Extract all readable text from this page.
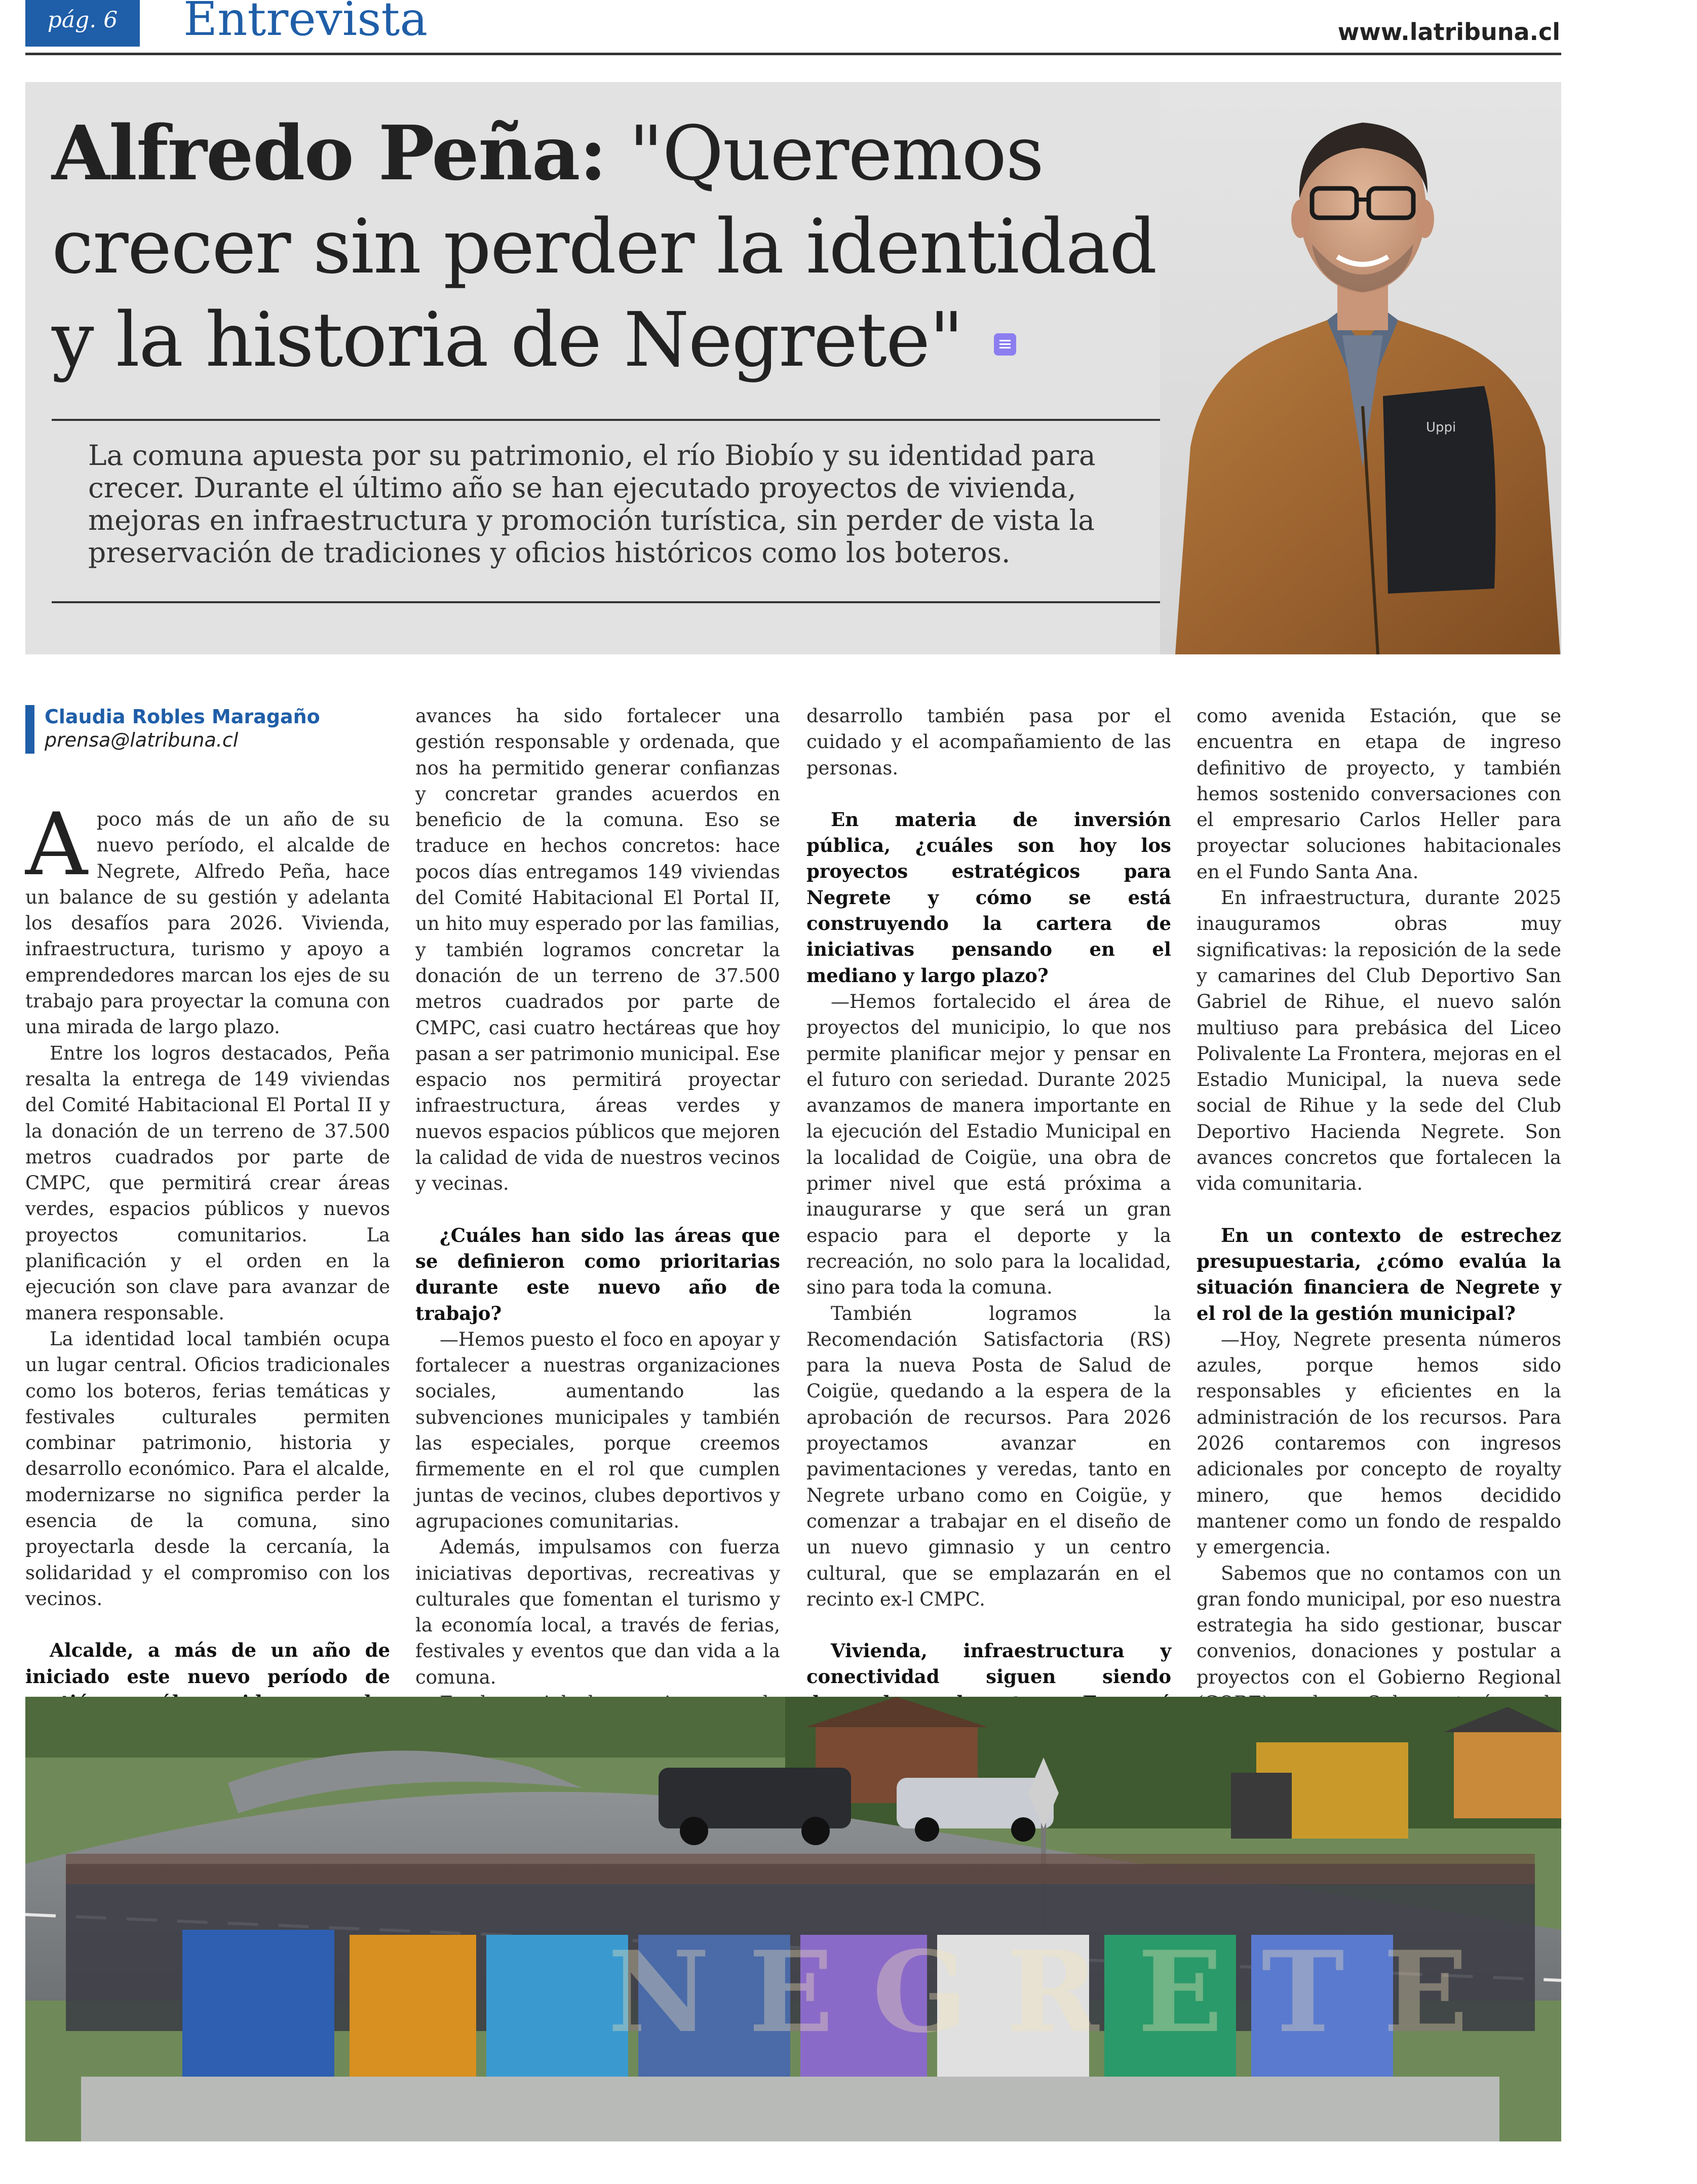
pág. 6	Entrevista	www.latribuna.cl
Alfredo Peña: "Queremos crecer sin perder la identidad y la historia de Negrete"

La comuna apuesta por su patrimonio, el río Biobío y su identidad para crecer. Durante el último año se han ejecutado proyectos de vivienda, mejoras en infraestructura y promoción turística, sin perder de vista la preservación de tradiciones y oficios históricos como los boteros.

Uppi
Claudia Robles Maragaño
prensa@latribuna.cl
A poco más de un año de su nuevo período, el alcalde de Negrete, Alfredo Peña, hace un balance de su gestión y adelanta los desafíos para 2026. Vivienda, infraestructura, turismo y apoyo a emprendedores marcan los ejes de su trabajo para proyectar la comuna con una mirada de largo plazo.

Entre los logros destacados, Peña resalta la entrega de 149 viviendas del Comité Habitacional El Portal II y la donación de un terreno de 37.500 metros cuadrados por parte de CMPC, que permitirá crear áreas verdes, espacios públicos y nuevos proyectos comunitarios. La planificación y el orden en la ejecución son clave para avanzar de manera responsable.

La identidad local también ocupa un lugar central. Oficios tradicionales como los boteros, ferias temáticas y festivales culturales permiten combinar patrimonio, historia y desarrollo económico. Para el alcalde, modernizarse no significa perder la esencia de la comuna, sino proyectarla desde la cercanía, la solidaridad y el compromiso con los vecinos.

Alcalde, a más de un año de iniciado este nuevo período de

avances ha sido fortalecer una gestión responsable y ordenada, que nos ha permitido generar confianzas y concretar grandes acuerdos en beneficio de la comuna. Eso se traduce en hechos concretos: hace pocos días entregamos 149 viviendas del Comité Habitacional El Portal II, un hito muy esperado por las familias, y también logramos concretar la donación de un terreno de 37.500 metros cuadrados por parte de CMPC, casi cuatro hectáreas que hoy pasan a ser patrimonio municipal. Ese espacio nos permitirá proyectar infraestructura, áreas verdes y nuevos espacios públicos que mejoren la calidad de vida de nuestros vecinos y vecinas.

¿Cuáles han sido las áreas que se definieron como prioritarias durante este nuevo año de trabajo?

—Hemos puesto el foco en apoyar y fortalecer a nuestras organizaciones sociales, aumentando las subvenciones municipales y también las especiales, porque creemos firmemente en el rol que cumplen juntas de vecinos, clubes deportivos y agrupaciones comunitarias.

Además, impulsamos con fuerza iniciativas deportivas, recreativas y culturales que fomentan el turismo y la economía local, a través de ferias, festivales y eventos que dan vida a la comuna.

desarrollo también pasa por el cuidado y el acompañamiento de las personas.

En materia de inversión pública, ¿cuáles son hoy los proyectos estratégicos para Negrete y cómo se está construyendo la cartera de iniciativas pensando en el mediano y largo plazo?

—Hemos fortalecido el área de proyectos del municipio, lo que nos permite planificar mejor y pensar en el futuro con seriedad. Durante 2025 avanzamos de manera importante en la ejecución del Estadio Municipal en la localidad de Coigüe, una obra de primer nivel que está próxima a inaugurarse y que será un gran espacio para el deporte y la recreación, no solo para la localidad, sino para toda la comuna.

También logramos la Recomendación Satisfactoria (RS) para la nueva Posta de Salud de Coigüe, quedando a la espera de la aprobación de recursos. Para 2026 proyectamos avanzar en pavimentaciones y veredas, tanto en Negrete urbano como en Coigüe, y comenzar a trabajar en el diseño de un nuevo gimnasio y un centro cultural, que se emplazarán en el recinto ex-l CMPC.

Vivienda, infraestructura y conectividad siguen siendo

como avenida Estación, que se encuentra en etapa de ingreso definitivo de proyecto, y también hemos sostenido conversaciones con el empresario Carlos Heller para proyectar soluciones habitacionales en el Fundo Santa Ana.

En infraestructura, durante 2025 inauguramos obras muy significativas: la reposición de la sede y camarines del Club Deportivo San Gabriel de Rihue, el nuevo salón multiuso para prebásica del Liceo Polivalente La Frontera, mejoras en el Estadio Municipal, la nueva sede social de Rihue y la sede del Club Deportivo Hacienda Negrete. Son avances concretos que fortalecen la vida comunitaria.

En un contexto de estrechez presupuestaria, ¿cómo evalúa la situación financiera de Negrete y el rol de la gestión municipal?

—Hoy, Negrete presenta números azules, porque hemos sido responsables y eficientes en la administración de los recursos. Para 2026 contaremos con ingresos adicionales por concepto de royalty minero, que hemos decidido mantener como un fondo de respaldo y emergencia.

Sabemos que no contamos con un gran fondo municipal, por eso nuestra estrategia ha sido gestionar, buscar convenios, donaciones y postular a proyectos con el Gobierno Regional

N E G R E T E
